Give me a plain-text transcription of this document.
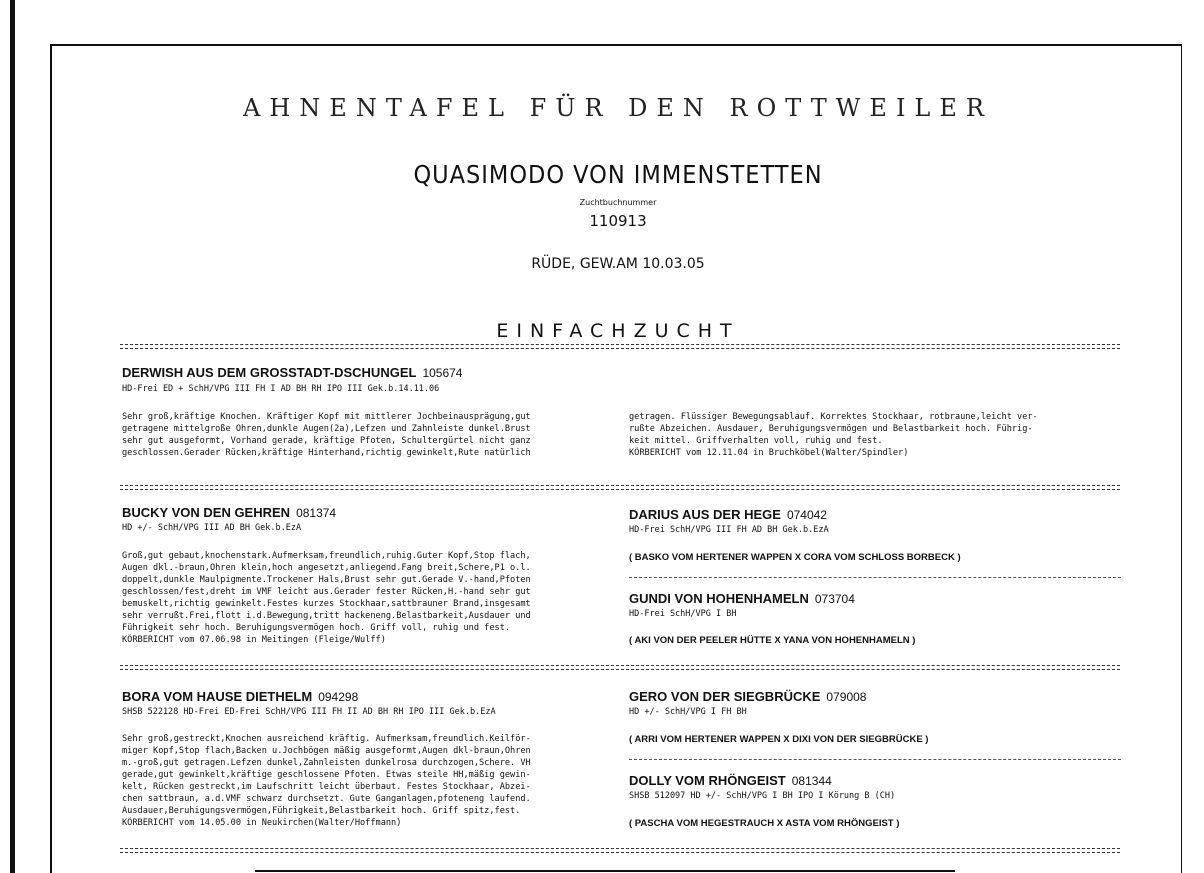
AHNENTAFEL FÜR DEN ROTTWEILER
QUASIMODO VON IMMENSTETTEN
Zuchtbuchnummer
110913
RÜDE, GEW.AM 10.03.05
EINFACHZUCHT
DERWISH AUS DEM GROSSTADT-DSCHUNGEL 105674
HD-Frei ED + SchH/VPG III FH I AD BH RH IPO III Gek.b.14.11.06
Sehr groß,kräftige Knochen. Kräftiger Kopf mit mittlerer Jochbeinausprägung,gut
getragene mittelgroße Ohren,dunkle Augen(2a),Lefzen und Zahnleiste dunkel.Brust
sehr gut ausgeformt, Vorhand gerade, kräftige Pfoten, Schultergürtel nicht ganz
geschlossen.Gerader Rücken,kräftige Hinterhand,richtig gewinkelt,Rute natürlich
getragen. Flüssiger Bewegungsablauf. Korrektes Stockhaar, rotbraune,leicht ver-
rußte Abzeichen. Ausdauer, Beruhigungsvermögen und Belastbarkeit hoch. Führig-
keit mittel. Griffverhalten voll, ruhig und fest.
KÖRBERICHT vom 12.11.04 in Bruchköbel(Walter/Spindler)
BUCKY VON DEN GEHREN 081374
HD +/- SchH/VPG III AD BH Gek.b.EzA
Groß,gut gebaut,knochenstark.Aufmerksam,freundlich,ruhig.Guter Kopf,Stop flach,
Augen dkl.-braun,Ohren klein,hoch angesetzt,anliegend.Fang breit,Schere,P1 o.l.
doppelt,dunkle Maulpigmente.Trockener Hals,Brust sehr gut.Gerade V.-hand,Pfoten
geschlossen/fest,dreht im VMF leicht aus.Gerader fester Rücken,H.-hand sehr gut
bemuskelt,richtig gewinkelt.Festes kurzes Stockhaar,sattbrauner Brand,insgesamt
sehr verrußt.Frei,flott i.d.Bewegung,tritt hackeneng.Belastbarkeit,Ausdauer und
Führigkeit sehr hoch. Beruhigungsvermögen hoch. Griff voll, ruhig und fest.
KÖRBERICHT vom 07.06.98 in Meitingen (Fleige/Wulff)
DARIUS AUS DER HEGE 074042
HD-Frei SchH/VPG III FH AD BH Gek.b.EzA
( BASKO VOM HERTENER WAPPEN X CORA VOM SCHLOSS BORBECK )
GUNDI VON HOHENHAMELN 073704
HD-Frei SchH/VPG I BH
( AKI VON DER PEELER HÜTTE X YANA VON HOHENHAMELN )
BORA VOM HAUSE DIETHELM 094298
SHSB 522128 HD-Frei ED-Frei SchH/VPG III FH II AD BH RH IPO III Gek.b.EzA
Sehr groß,gestreckt,Knochen ausreichend kräftig. Aufmerksam,freundlich.Keilför-
miger Kopf,Stop flach,Backen u.Jochbögen mäßig ausgeformt,Augen dkl-braun,Ohren
m.-groß,gut getragen.Lefzen dunkel,Zahnleisten dunkelrosa durchzogen,Schere. VH
gerade,gut gewinkelt,kräftige geschlossene Pfoten. Etwas steile HH,mäßig gewin-
kelt, Rücken gestreckt,im Laufschritt leicht überbaut. Festes Stockhaar, Abzei-
chen sattbraun, a.d.VMF schwarz durchsetzt. Gute Ganganlagen,pfoteneng laufend.
Ausdauer,Beruhigungsvermögen,Führigkeit,Belastbarkeit hoch. Griff spitz,fest.
KÖRBERICHT vom 14.05.00 in Neukirchen(Walter/Hoffmann)
GERO VON DER SIEGBRÜCKE 079008
HD +/- SchH/VPG I FH BH
( ARRI VOM HERTENER WAPPEN X DIXI VON DER SIEGBRÜCKE )
DOLLY VOM RHÖNGEIST 081344
SHSB 512097 HD +/- SchH/VPG I BH IPO I Körung B (CH)
( PASCHA VOM HEGESTRAUCH X ASTA VOM RHÖNGEIST )
